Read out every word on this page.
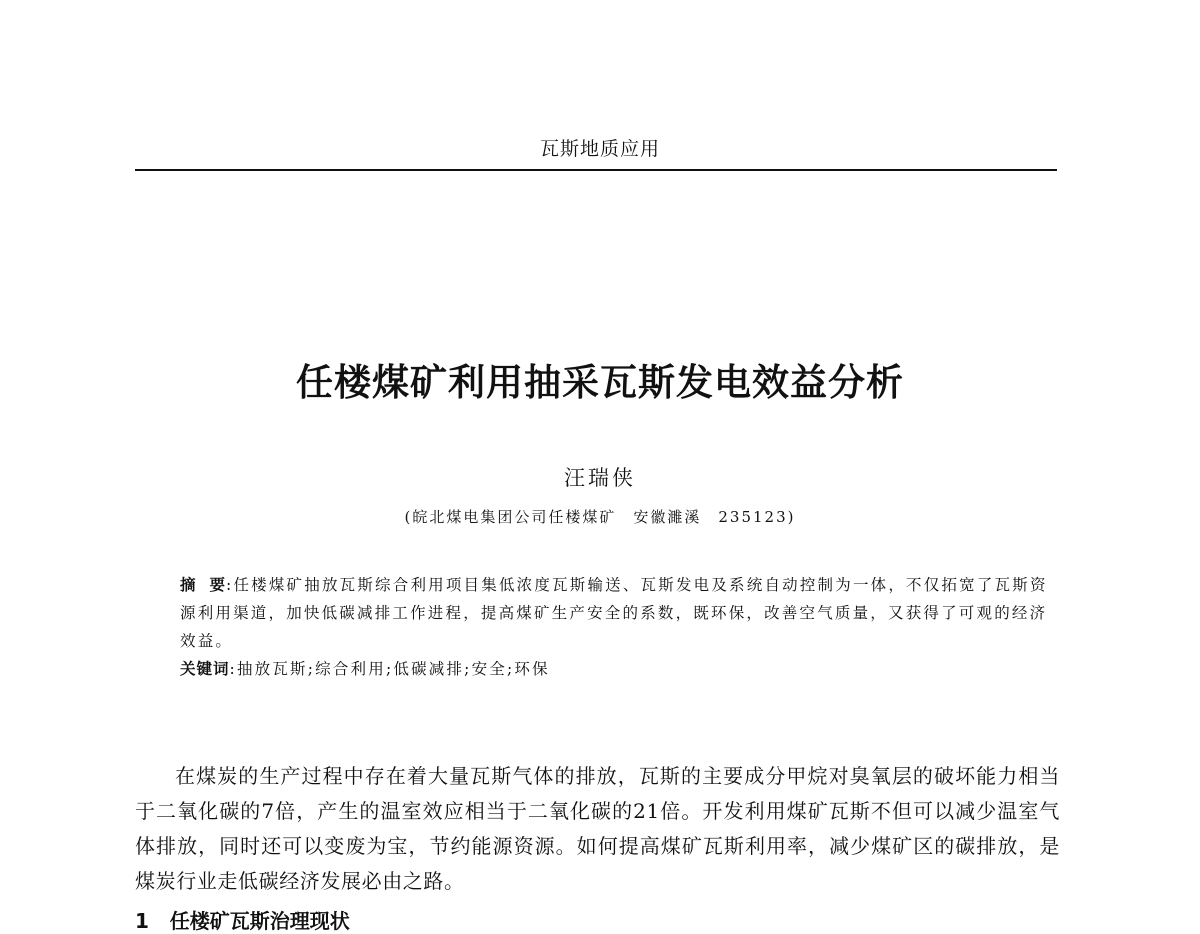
瓦斯地质应用
任楼煤矿利用抽采瓦斯发电效益分析
汪瑞侠
(皖北煤电集团公司任楼煤矿　安徽濉溪　235123)

摘要:任楼煤矿抽放瓦斯综合利用项目集低浓度瓦斯输送、瓦斯发电及系统自动控制为一体，不仅拓宽了瓦斯资源利用渠道，加快低碳减排工作进程，提高煤矿生产安全的系数，既环保，改善空气质量，又获得了可观的经济效益。

关键词:抽放瓦斯;综合利用;低碳减排;安全;环保

在煤炭的生产过程中存在着大量瓦斯气体的排放，瓦斯的主要成分甲烷对臭氧层的破坏能力相当于二氧化碳的7倍，产生的温室效应相当于二氧化碳的21倍。开发利用煤矿瓦斯不但可以减少温室气体排放，同时还可以变废为宝，节约能源资源。如何提高煤矿瓦斯利用率，减少煤矿区的碳排放，是煤炭行业走低碳经济发展必由之路。

1   任楼矿瓦斯治理现状
